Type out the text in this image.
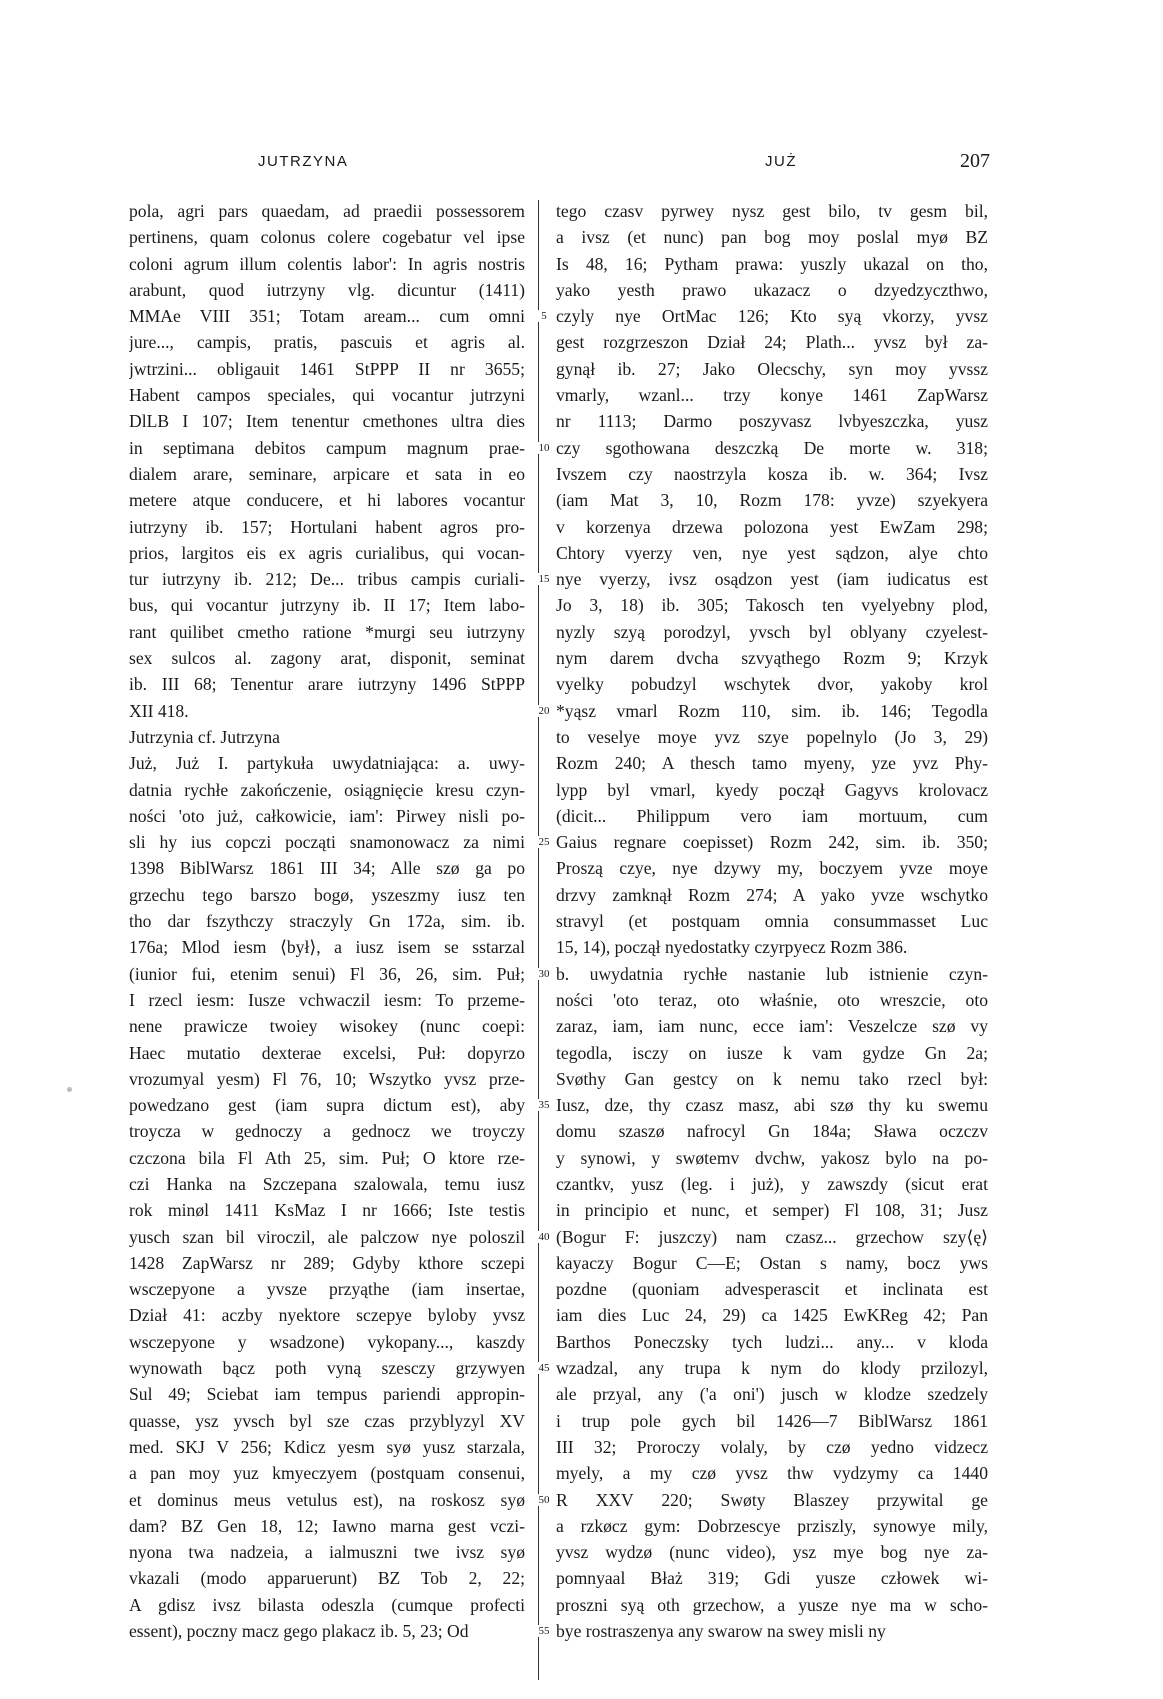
JUTRZYNA	JUŻ	207
pola, agri pars quaedam, ad praedii possessorem
pertinens, quam colonus colere cogebatur vel ipse
coloni agrum illum colentis labor': In agris nostris
arabunt, quod iutrzyny vlg. dicuntur (1411)
MMAe VIII 351; Totam aream... cum omni
jure..., campis, pratis, pascuis et agris al.
jwtrzini... obligauit 1461 StPPP II nr 3655;
Habent campos speciales, qui vocantur jutrzyni
DlLB I 107; Item tenentur cmethones ultra dies
in septimana debitos campum magnum prae-
dialem arare, seminare, arpicare et sata in eo
metere atque conducere, et hi labores vocantur
iutrzyny ib. 157; Hortulani habent agros pro-
prios, largitos eis ex agris curialibus, qui vocan-
tur iutrzyny ib. 212; De... tribus campis curiali-
bus, qui vocantur jutrzyny ib. II 17; Item labo-
rant quilibet cmetho ratione *murgi seu iutrzyny
sex sulcos al. zagony arat, disponit, seminat
ib. III 68; Tenentur arare iutrzyny 1496 StPPP
XII 418.
Jutrzynia cf. Jutrzyna
Już, Już I. partykuła uwydatniająca: a. uwy-
datnia rychłe zakończenie, osiągnięcie kresu czyn-
ności 'oto już, całkowicie, iam': Pirwey nisli po-
sli hy ius copczi począti snamonowacz za nimi
1398 BiblWarsz 1861 III 34; Alle szø ga po
grzechu tego barszo bogø, yszeszmy iusz ten
tho dar fszythczy straczyly Gn 172a, sim. ib.
176a; Mlod iesm ⟨był⟩, a iusz isem se sstarzal
(iunior fui, etenim senui) Fl 36, 26, sim. Puł;
I rzecl iesm: Iusze vchwaczil iesm: To przeme-
nene prawicze twoiey wisokey (nunc coepi:
Haec mutatio dexterae excelsi, Puł: dopyrzo
vrozumyal yesm) Fl 76, 10; Wszytko yvsz prze-
powedzano gest (iam supra dictum est), aby
troycza w gednoczy a gednocz we troyczy
czczona bila Fl Ath 25, sim. Puł; O ktore rze-
czi Hanka na Szczepana szalowala, temu iusz
rok minøl 1411 KsMaz I nr 1666; Iste testis
yusch szan bil viroczil, ale palczow nye poloszil
1428 ZapWarsz nr 289; Gdyby kthore sczepi
wsczepyone a yvsze przyąthe (iam insertae,
Dział 41: aczby nyektore sczepye byloby yvsz
wsczepyone y wsadzone) vykopany..., kaszdy
wynowath bącz poth vyną szesczy grzywyen
Sul 49; Sciebat iam tempus pariendi appropin-
quasse, ysz yvsch byl sze czas przyblyzyl XV
med. SKJ V 256; Kdicz yesm syø yusz starzala,
a pan moy yuz kmyeczyem (postquam consenui,
et dominus meus vetulus est), na roskosz syø
dam? BZ Gen 18, 12; Iawno marna gest vczi-
nyona twa nadzeia, a ialmuszni twe ivsz syø
vkazali (modo apparuerunt) BZ Tob 2, 22;
A gdisz ivsz bilasta odeszla (cumque profecti
essent), poczny macz gego plakacz ib. 5, 23; Od
5
10
15
20
25
30
35
40
45
50
55
tego czasv pyrwey nysz gest bilo, tv gesm bil,
a ivsz (et nunc) pan bog moy poslal myø BZ
Is 48, 16; Pytham prawa: yuszly ukazal on tho,
yako yesth prawo ukazacz o dzyedzyczthwo,
czyly nye OrtMac 126; Kto syą vkorzy, yvsz
gest rozgrzeszon Dział 24; Plath... yvsz był za-
gynął ib. 27; Jako Olecschy, syn moy yvssz
vmarly, wzanl... trzy konye 1461 ZapWarsz
nr 1113; Darmo poszyvasz lvbyeszczka, yusz
czy sgothowana deszczką De morte w. 318;
Ivszem czy naostrzyla kosza ib. w. 364; Ivsz
(iam Mat 3, 10, Rozm 178: yvze) szyekyera
v korzenya drzewa polozona yest EwZam 298;
Chtory vyerzy ven, nye yest sądzon, alye chto
nye vyerzy, ivsz osądzon yest (iam iudicatus est
Jo 3, 18) ib. 305; Takosch ten vyelyebny plod,
nyzly szyą porodzyl, yvsch byl oblyany czyelest-
nym darem dvcha szvyąthego Rozm 9; Krzyk
vyelky pobudzyl wschytek dvor, yakoby krol
*yąsz vmarl Rozm 110, sim. ib. 146; Tegodla
to veselye moye yvz szye popelnylo (Jo 3, 29)
Rozm 240; A thesch tamo myeny, yze yvz Phy-
lypp byl vmarl, kyedy począł Gagyvs krolovacz
(dicit... Philippum vero iam mortuum, cum
Gaius regnare coepisset) Rozm 242, sim. ib. 350;
Proszą czye, nye dzywy my, boczyem yvze moye
drzvy zamknął Rozm 274; A yako yvze wschytko
stravyl (et postquam omnia consummasset Luc
15, 14), począł nyedostatky czyrpyecz Rozm 386.
b. uwydatnia rychłe nastanie lub istnienie czyn-
ności 'oto teraz, oto właśnie, oto wreszcie, oto
zaraz, iam, iam nunc, ecce iam': Veszelcze szø vy
tegodla, isczy on iusze k vam gydze Gn 2a;
Svøthy Gan gestcy on k nemu tako rzecl był:
Iusz, dze, thy czasz masz, abi szø thy ku swemu
domu szaszø nafrocyl Gn 184a; Sława oczczv
y synowi, y swøtemv dvchw, yakosz bylo na po-
czantkv, yusz (leg. i już), y zawszdy (sicut erat
in principio et nunc, et semper) Fl 108, 31; Jusz
(Bogur F: juszczy) nam czasz... grzechow szy⟨ę⟩
kayaczy Bogur C—E; Ostan s namy, bocz yws
pozdne (quoniam advesperascit et inclinata est
iam dies Luc 24, 29) ca 1425 EwKReg 42; Pan
Barthos Poneczsky tych ludzi... any... v kloda
wzadzal, any trupa k nym do klody przilozyl,
ale przyal, any ('a oni') jusch w klodze szedzely
i trup pole gych bil 1426—7 BiblWarsz 1861
III 32; Proroczy volaly, by czø yedno vidzecz
myely, a my czø yvsz thw vydzymy ca 1440
R XXV 220; Swøty Blaszey przywital ge
a rzkøcz gym: Dobrzescye prziszly, synowye mily,
yvsz wydzø (nunc video), ysz mye bog nye za-
pomnyaal Błaż 319; Gdi yusze człowek wi-
proszni syą oth grzechow, a yusze nye ma w scho-
bye rostraszenya any swarow na swey misli ny
